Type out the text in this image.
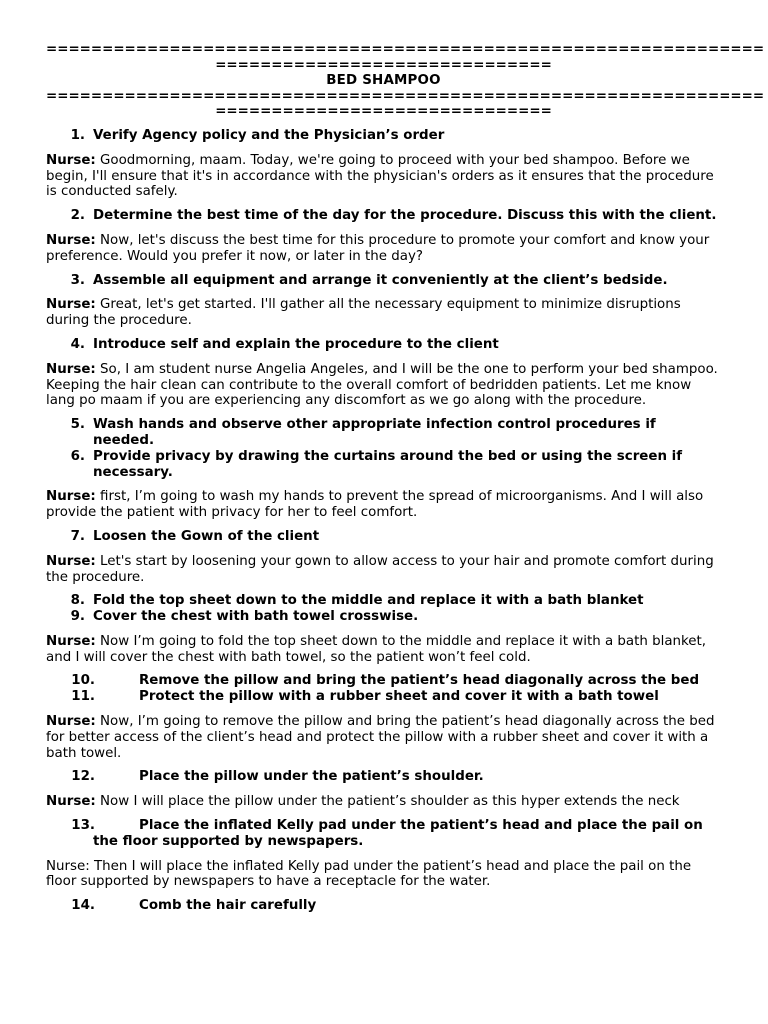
================================================================
==============================
BED SHAMPOO
================================================================
==============================
1. Verify Agency policy and the Physician’s order
Nurse: Goodmorning, maam. Today, we're going to proceed with your bed shampoo. Before we begin, I'll ensure that it's in accordance with the physician's orders as it ensures that the procedure is conducted safely.
2. Determine the best time of the day for the procedure. Discuss this with the client.
Nurse: Now, let's discuss the best time for this procedure to promote your comfort and know your preference. Would you prefer it now, or later in the day?
3. Assemble all equipment and arrange it conveniently at the client’s bedside.
Nurse: Great, let's get started. I'll gather all the necessary equipment to minimize disruptions during the procedure.
4. Introduce self and explain the procedure to the client
Nurse: So, I am student nurse Angelia Angeles, and I will be the one to perform your bed shampoo. Keeping the hair clean can contribute to the overall comfort of bedridden patients. Let me know lang po maam if you are experiencing any discomfort as we go along with the procedure.
5. Wash hands and observe other appropriate infection control procedures if needed.
6. Provide privacy by drawing the curtains around the bed or using the screen if necessary.
Nurse: first, I’m going to wash my hands to prevent the spread of microorganisms. And I will also provide the patient with privacy for her to feel comfort.
7. Loosen the Gown of the client
Nurse: Let's start by loosening your gown to allow access to your hair and promote comfort during the procedure.
8. Fold the top sheet down to the middle and replace it with a bath blanket
9. Cover the chest with bath towel crosswise.
Nurse: Now I’m going to fold the top sheet down to the middle and replace it with a bath blanket, and I will cover the chest with bath towel, so the patient won’t feel cold.
10.	Remove the pillow and bring the patient’s head diagonally across the bed
11.	Protect the pillow with a rubber sheet and cover it with a bath towel
Nurse: Now, I’m going to remove the pillow and bring the patient’s head diagonally across the bed for better access of the client’s head and protect the pillow with a rubber sheet and cover it with a bath towel.
12.	Place the pillow under the patient’s shoulder.
Nurse: Now I will place the pillow under the patient’s shoulder as this hyper extends the neck
13.	Place the inflated Kelly pad under the patient’s head and place the pail on the floor supported by newspapers.
Nurse: Then I will place the inflated Kelly pad under the patient’s head and place the pail on the floor supported by newspapers to have a receptacle for the water.
14.	Comb the hair carefully
